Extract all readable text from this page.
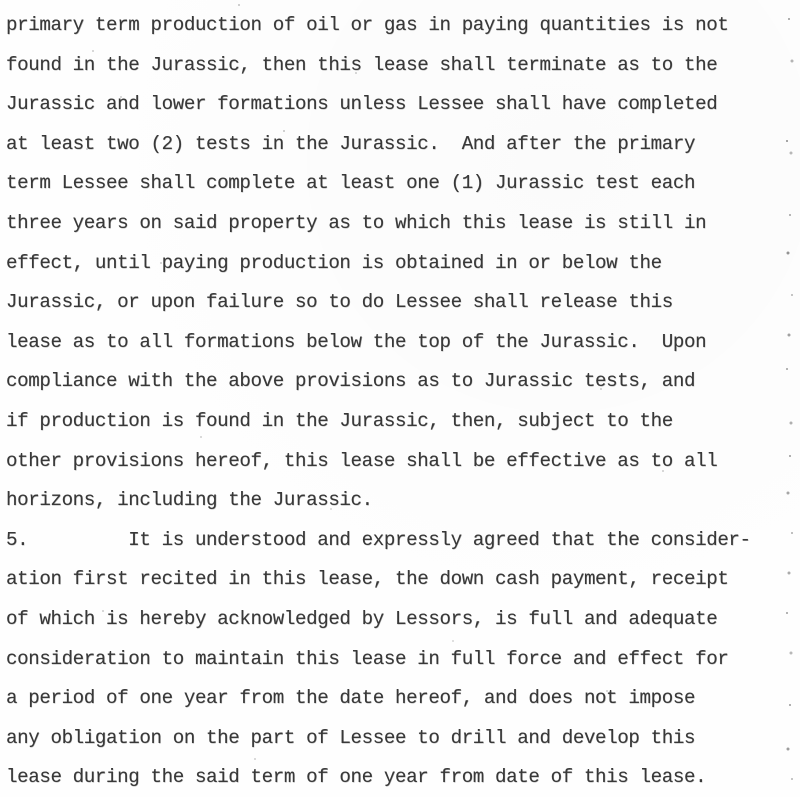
primary term production of oil or gas in paying quantities is not
found in the Jurassic, then this lease shall terminate as to the
Jurassic and lower formations unless Lessee shall have completed
at least two (2) tests in the Jurassic.  And after the primary
term Lessee shall complete at least one (1) Jurassic test each
three years on said property as to which this lease is still in
effect, until paying production is obtained in or below the
Jurassic, or upon failure so to do Lessee shall release this
lease as to all formations below the top of the Jurassic.  Upon
compliance with the above provisions as to Jurassic tests, and
if production is found in the Jurassic, then, subject to the
other provisions hereof, this lease shall be effective as to all
horizons, including the Jurassic.
5.         It is understood and expressly agreed that the consider-
ation first recited in this lease, the down cash payment, receipt
of which is hereby acknowledged by Lessors, is full and adequate
consideration to maintain this lease in full force and effect for
a period of one year from the date hereof, and does not impose
any obligation on the part of Lessee to drill and develop this
lease during the said term of one year from date of this lease.
